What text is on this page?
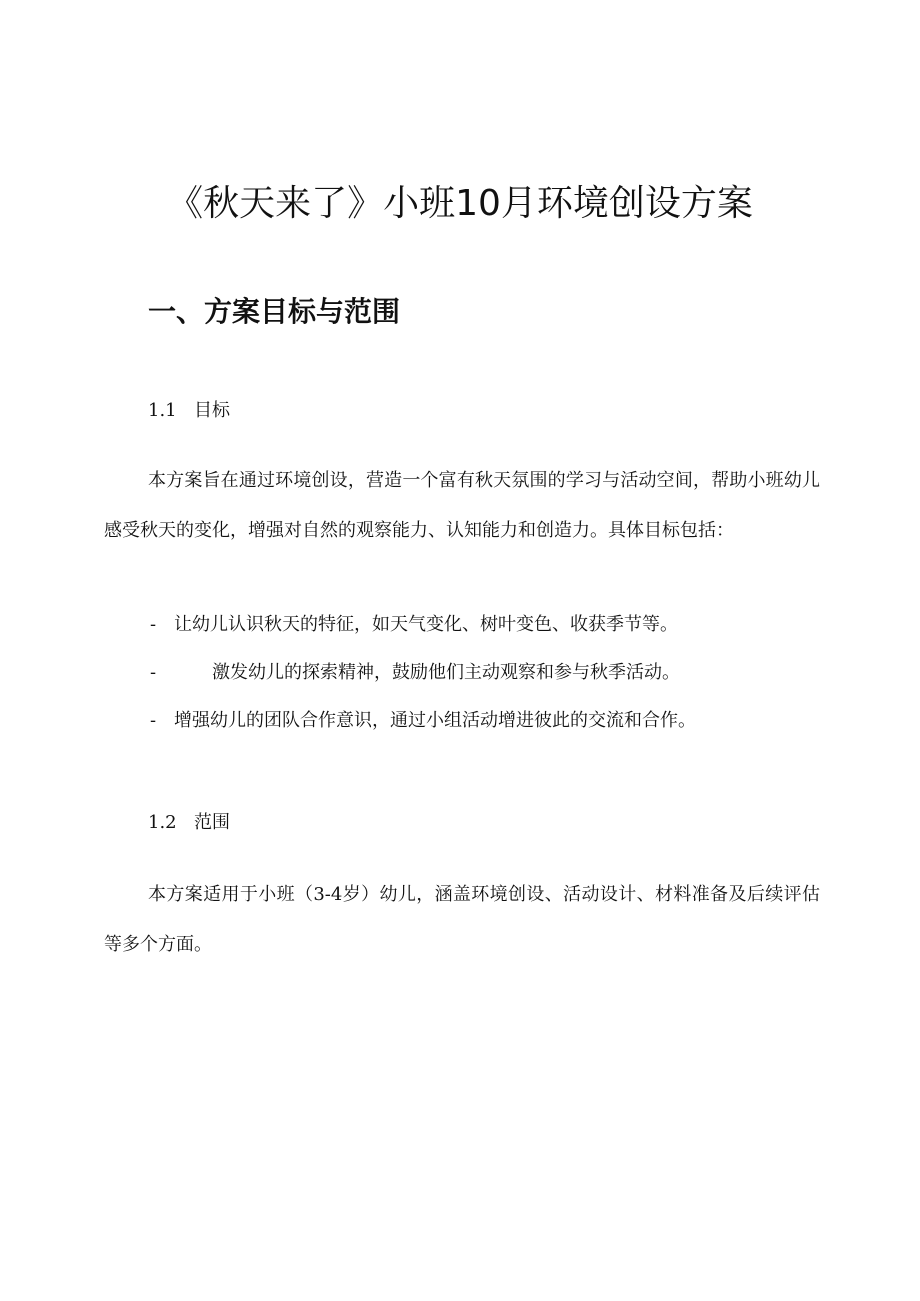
《秋天来了》小班10月环境创设方案
一、方案目标与范围
1.1 目标

本方案旨在通过环境创设，营造一个富有秋天氛围的学习与活动空间，帮助小班幼儿感受秋天的变化，增强对自然的观察能力、认知能力和创造力。具体目标包括：

- 让幼儿认识秋天的特征，如天气变化、树叶变色、收获季节等。

-	激发幼儿的探索精神，鼓励他们主动观察和参与秋季活动。

- 增强幼儿的团队合作意识，通过小组活动增进彼此的交流和合作。

1.2 范围

本方案适用于小班（3-4岁）幼儿，涵盖环境创设、活动设计、材料准备及后续评估等多个方面。
